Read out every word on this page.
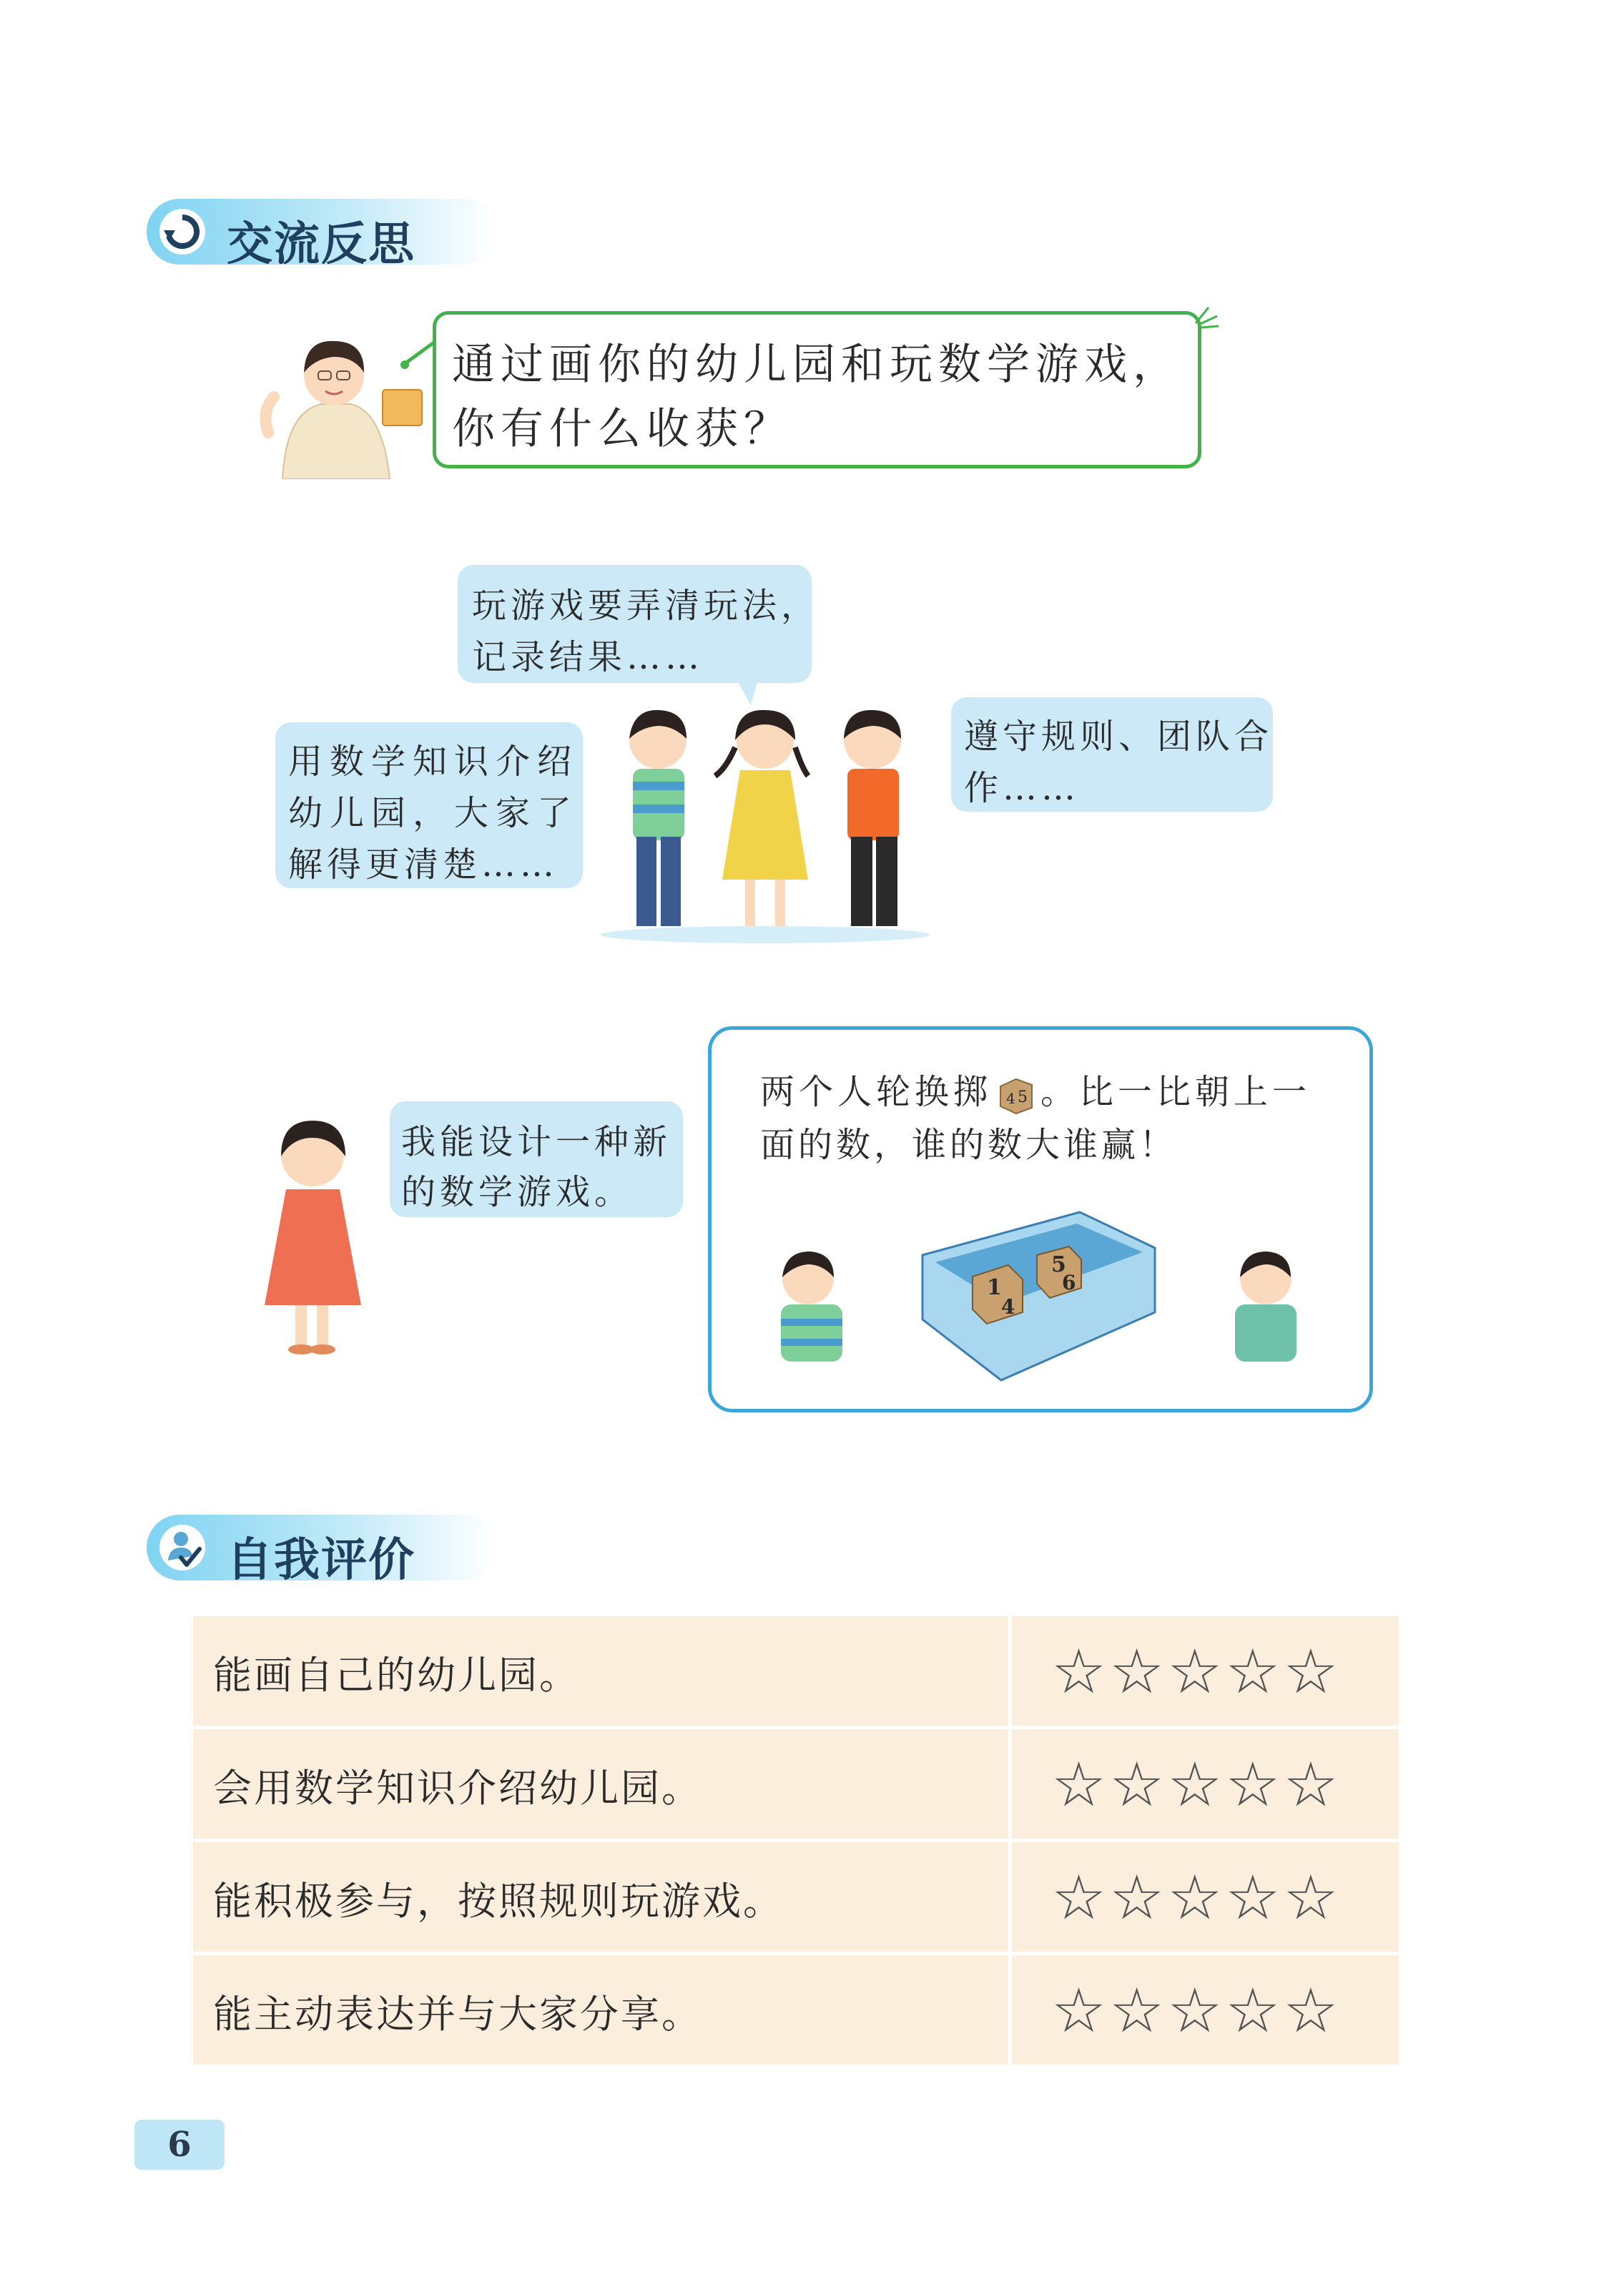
交流反思
通过画你的幼儿园和玩数学游戏，
你有什么收获？
玩游戏要弄清玩法，
记录结果……
用数学知识介绍
幼儿园，大家了
解得更清楚……
遵守规则、团队合
作……
我能设计一种新
的数学游戏。
两个人轮换掷 4
5 。比一比朝上一
面的数，谁的数大谁赢！
1
4
5
6
自我评价
能画自己的幼儿园。	☆☆☆☆☆
会用数学知识介绍幼儿园。	☆☆☆☆☆
能积极参与，按照规则玩游戏。	☆☆☆☆☆
能主动表达并与大家分享。	☆☆☆☆☆
6
